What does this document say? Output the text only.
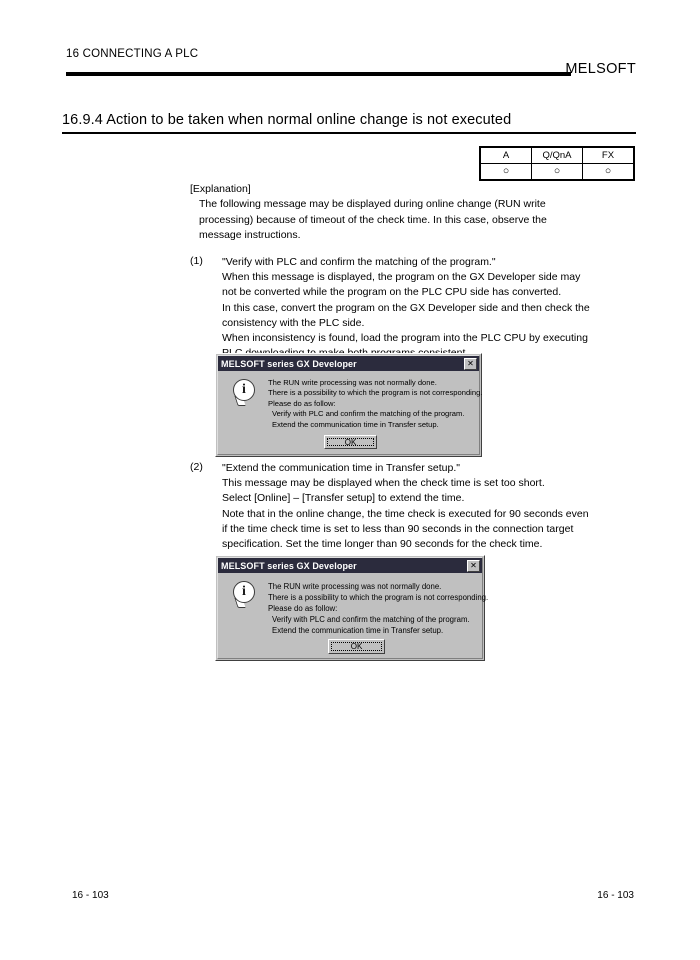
16 CONNECTING A PLC
MELSOFT
16.9.4 Action to be taken when normal online change is not executed
A	Q/QnA	FX
○	○	○
[Explanation]
The following message may be displayed during online change (RUN write
processing) because of timeout of the check time. In this case, observe the
message instructions.
(1)	"Verify with PLC and confirm the matching of the program."
When this message is displayed, the program on the GX Developer side may
not be converted while the program on the PLC CPU side has converted.
In this case, convert the program on the GX Developer side and then check the
consistency with the PLC side.
When inconsistency is found, load the program into the PLC CPU by executing
MELSOFT series GX Developer	✕
i	The RUN write processing was not normally done.
There is a possibility to which the program is not corresponding.
Please do as follow:
Verify with PLC and confirm the matching of the program.
Extend the communication time in Transfer setup.
OK
(2)	"Extend the communication time in Transfer setup."
This message may be displayed when the check time is set too short.
Select [Online] – [Transfer setup] to extend the time.
Note that in the online change, the time check is executed for 90 seconds even
if the time check time is set to less than 90 seconds in the connection target
specification. Set the time longer than 90 seconds for the check time.
MELSOFT series GX Developer	✕
i	The RUN write processing was not normally done.
There is a possibility to which the program is not corresponding.
Please do as follow:
Verify with PLC and confirm the matching of the program.
Extend the communication time in Transfer setup.
OK
16 - 103	16 - 103
